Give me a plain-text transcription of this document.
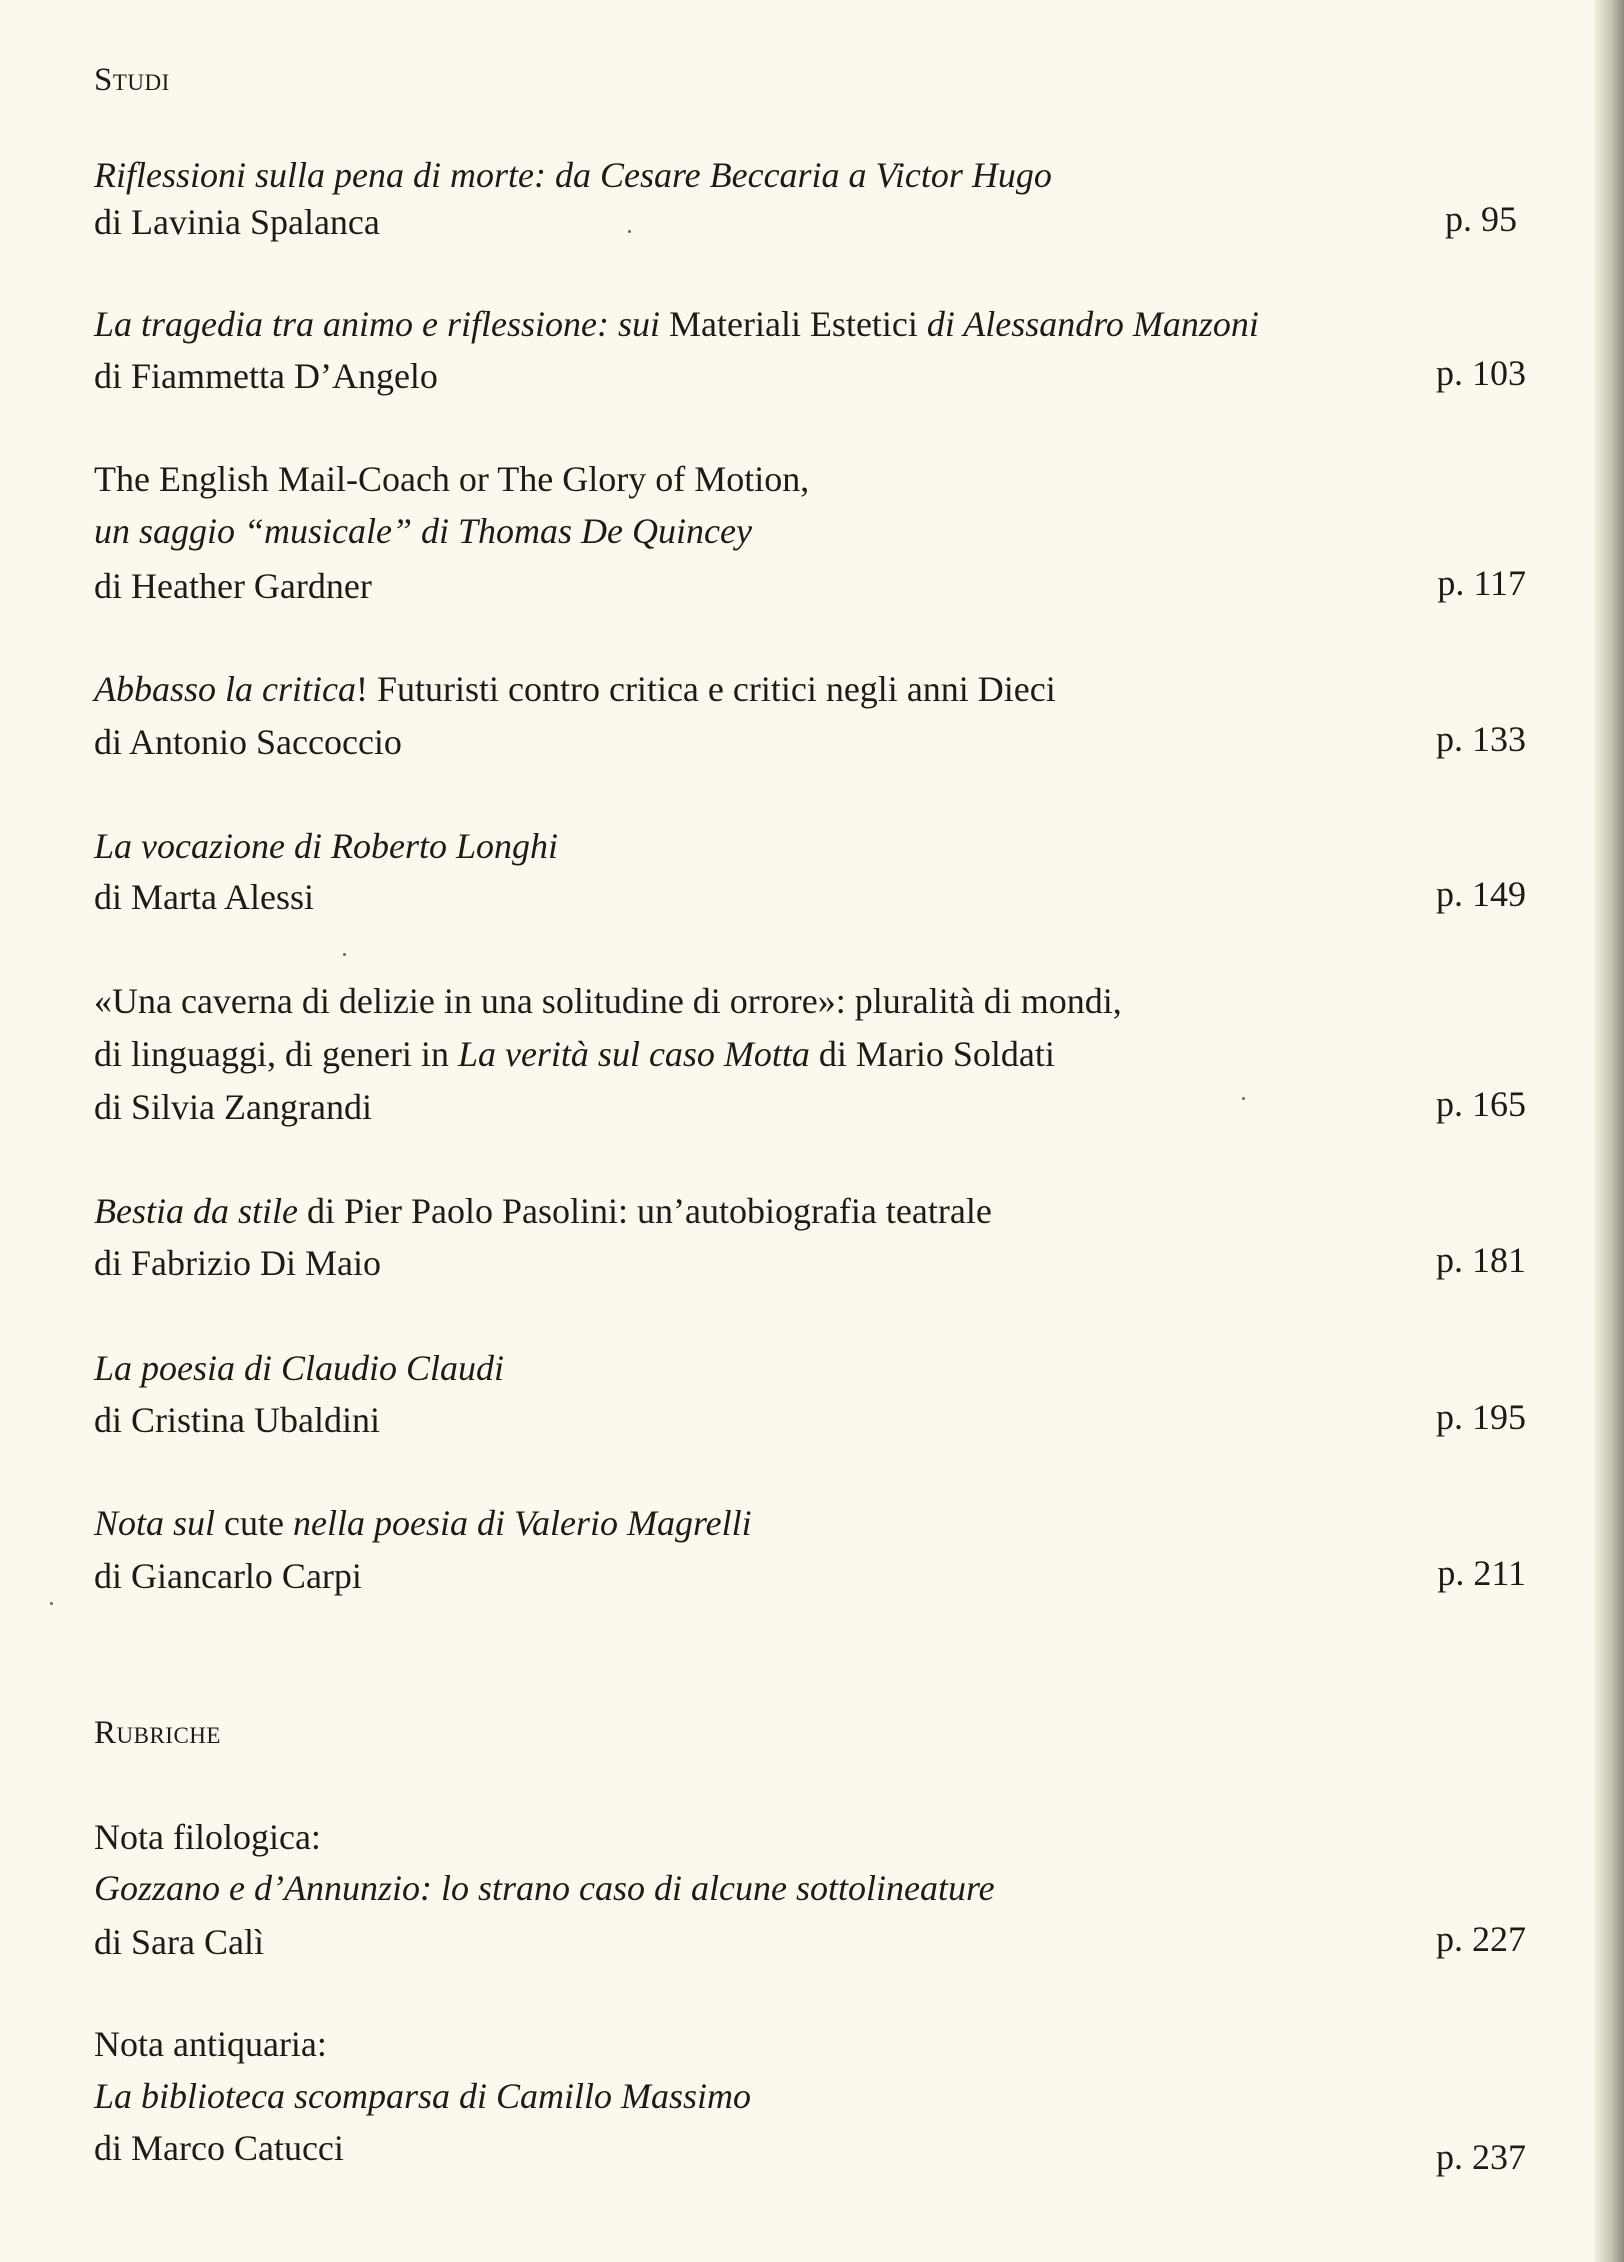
Studi
Riflessioni sulla pena di morte: da Cesare Beccaria a Victor Hugo
di Lavinia Spalanca	p. 95
La tragedia tra animo e riflessione: sui Materiali Estetici di Alessandro Manzoni
di Fiammetta D’Angelo	p. 103
The English Mail-Coach or The Glory of Motion,
un saggio “musicale” di Thomas De Quincey
di Heather Gardner	p. 117
Abbasso la critica! Futuristi contro critica e critici negli anni Dieci
di Antonio Saccoccio	p. 133
La vocazione di Roberto Longhi
di Marta Alessi	p. 149
«Una caverna di delizie in una solitudine di orrore»: pluralità di mondi,
di linguaggi, di generi in La verità sul caso Motta di Mario Soldati
di Silvia Zangrandi	p. 165
Bestia da stile di Pier Paolo Pasolini: un’autobiografia teatrale
di Fabrizio Di Maio	p. 181
La poesia di Claudio Claudi
di Cristina Ubaldini	p. 195
Nota sul cute nella poesia di Valerio Magrelli
di Giancarlo Carpi	p. 211
Rubriche
Nota filologica:
Gozzano e d’Annunzio: lo strano caso di alcune sottolineature
di Sara Calì	p. 227
Nota antiquaria:
La biblioteca scomparsa di Camillo Massimo
di Marco Catucci	p. 237
